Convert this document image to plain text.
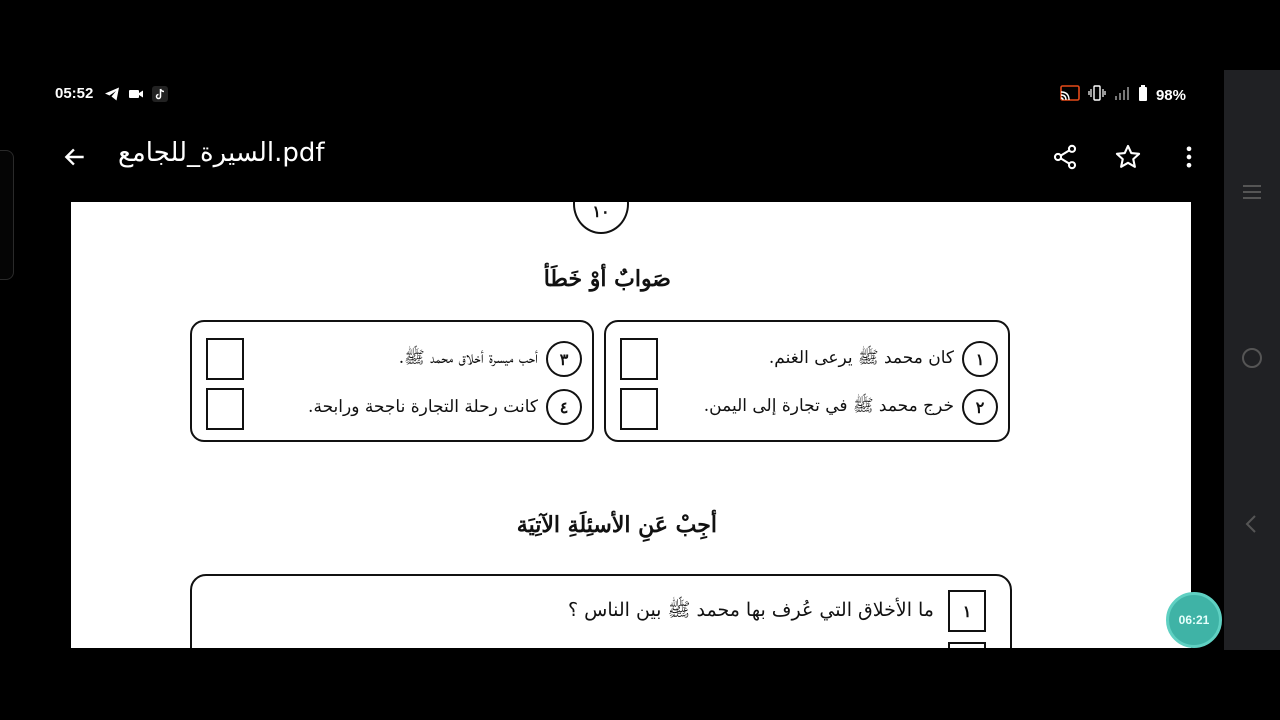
05:52	98%
السيرة_للجامع.pdf
١٠
صَوابٌ أوْ خَطَأ
١
كان محمد ﷺ يرعى الغنم.
٢
خرج محمد ﷺ في تجارة إلى اليمن.
٣
أحب ميسرة أخلاق محمد ﷺ.
٤
كانت رحلة التجارة ناجحة ورابحة.
أجِبْ عَنِ الأسئِلَةِ الآتِيَة
١
ما الأخلاق التي عُرف بها محمد ﷺ بين الناس ؟	06:21
